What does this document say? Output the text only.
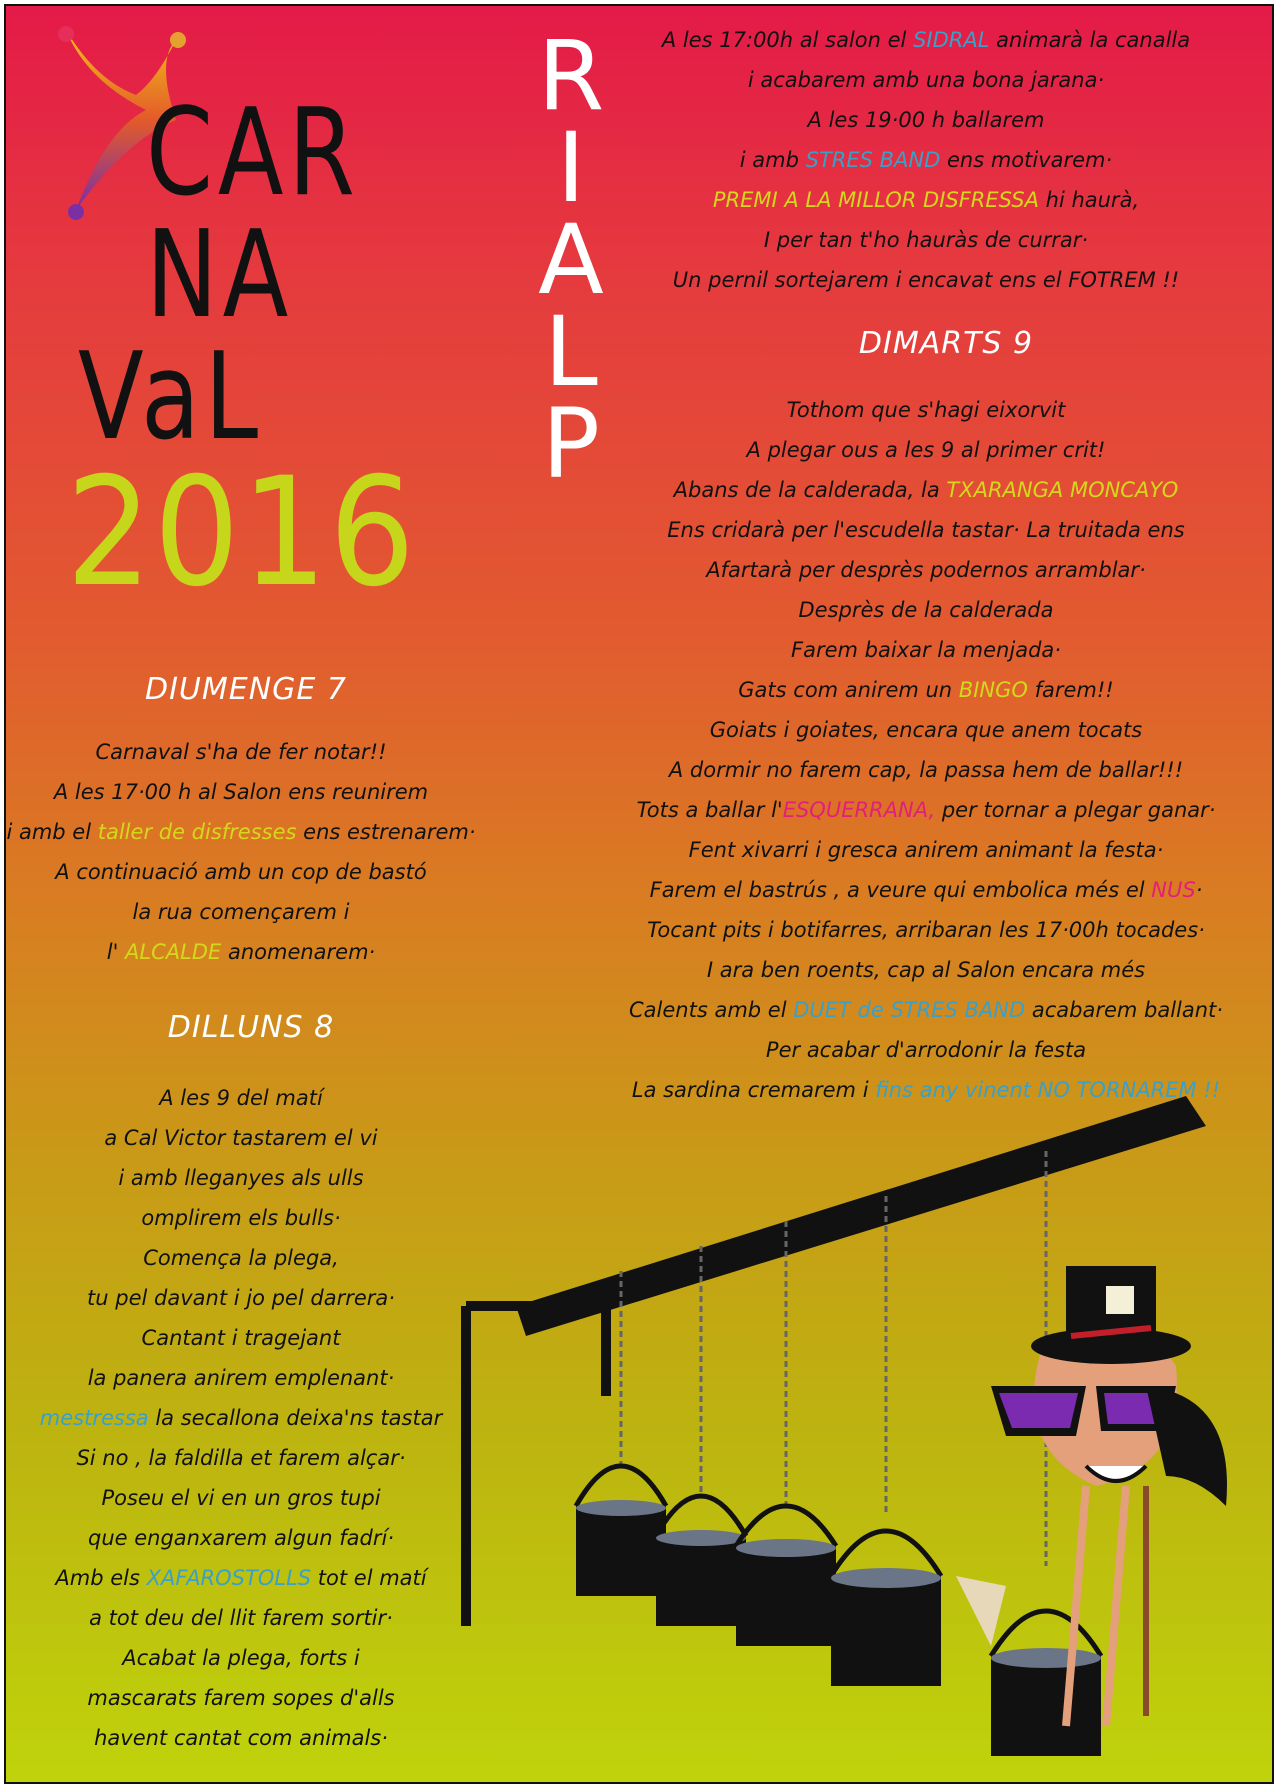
CAR
NA
VaL
2016
R
I
A
L
P
A les 17:00h al salon el SIDRAL animarà la canalla
i acabarem amb una bona jarana·
A les 19·00 h ballarem
i amb STRES BAND ens motivarem·
PREMI A LA MILLOR DISFRESSA hi haurà,
I per tan t'ho hauràs de currar·
Un pernil sortejarem i encavat ens el FOTREM !!
DIMARTS 9
Tothom que s'hagi eixorvit
A plegar ous a les 9 al primer crit!
Abans de la calderada, la TXARANGA MONCAYO
Ens cridarà per l'escudella tastar· La truitada ens
Afartarà per desprès podernos arramblar·
Desprès de la calderada
Farem baixar la menjada·
Gats com anirem un BINGO farem!!
Goiats i goiates, encara que anem tocats
A dormir no farem cap, la passa hem de ballar!!!
Tots a ballar l'ESQUERRANA, per tornar a plegar ganar·
Fent xivarri i gresca anirem animant la festa·
Farem el bastrús , a veure qui embolica més el NUS·
Tocant pits i botifarres, arribaran les 17·00h tocades·
I ara ben roents, cap al Salon encara més
Calents amb el DUET de STRES BAND acabarem ballant·
Per acabar d'arrodonir la festa
La sardina cremarem i fins any vinent NO TORNAREM !!
DIUMENGE 7
Carnaval s'ha de fer notar!!
A les 17·00 h al Salon ens reunirem
i amb el taller de disfresses ens estrenarem·
A continuació amb un cop de bastó
la rua començarem i
l' ALCALDE anomenarem·
DILLUNS 8
A les 9 del matí
a Cal Victor tastarem el vi
i amb lleganyes als ulls
omplirem els bulls·
Comença la plega,
tu pel davant i jo pel darrera·
Cantant i tragejant
la panera anirem emplenant·
mestressa la secallona deixa'ns tastar
Si no , la faldilla et farem alçar·
Poseu el vi en un gros tupi
que enganxarem algun fadrí·
Amb els XAFAROSTOLLS tot el matí
a tot deu del llit farem sortir·
Acabat la plega, forts i
mascarats farem sopes d'alls
havent cantat com animals·
